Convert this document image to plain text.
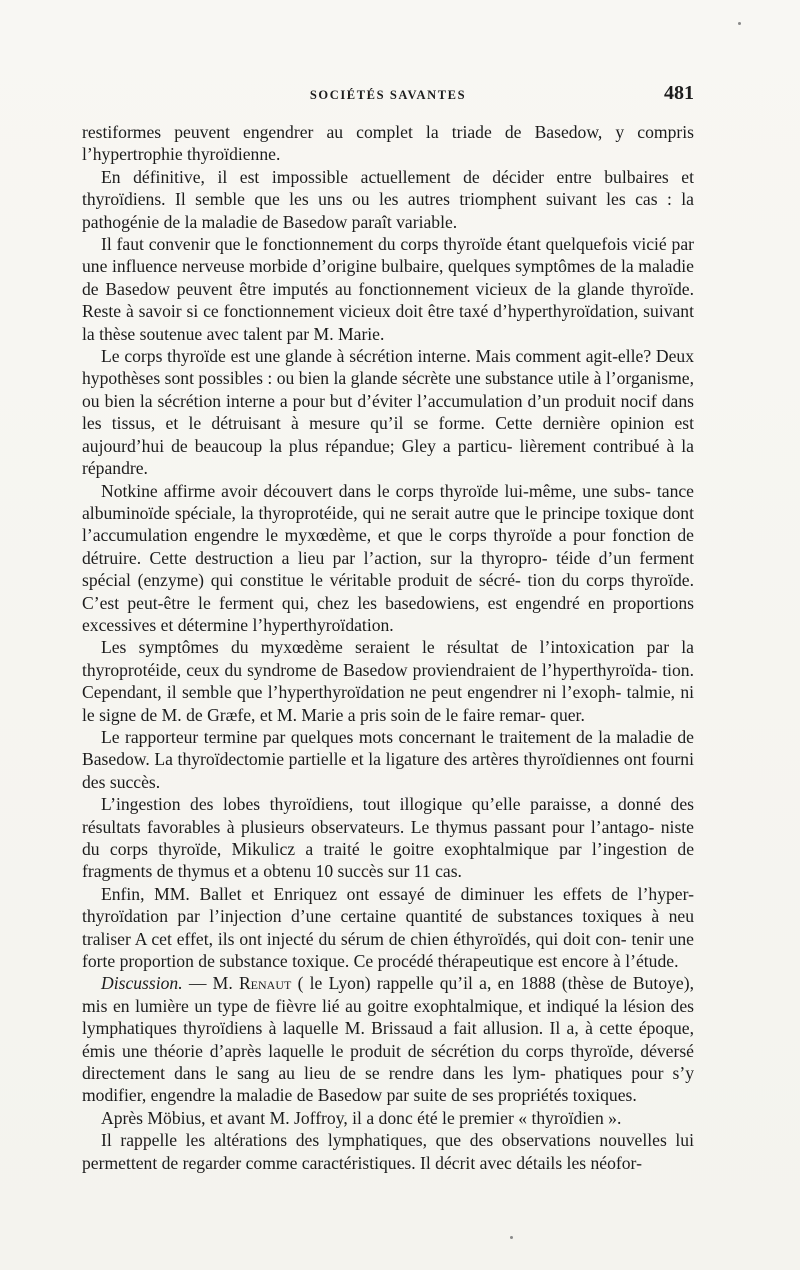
SOCIÉTÉS SAVANTES	481

restiformes peuvent engendrer au complet la triade de Basedow, y compris l’hypertrophie thyroïdienne.

En définitive, il est impossible actuellement de décider entre bulbaires et thyroïdiens. Il semble que les uns ou les autres triomphent suivant les cas : la pathogénie de la maladie de Basedow paraît variable.

Il faut convenir que le fonctionnement du corps thyroïde étant quelquefois vicié par une influence nerveuse morbide d’origine bulbaire, quelques symptômes de la maladie de Basedow peuvent être imputés au fonctionnement vicieux de la glande thyroïde. Reste à savoir si ce fonctionnement vicieux doit être taxé d’hyperthyroïdation, suivant la thèse soutenue avec talent par M. Marie.

Le corps thyroïde est une glande à sécrétion interne. Mais comment agit-elle? Deux hypothèses sont possibles : ou bien la glande sécrète une substance utile à l’organisme, ou bien la sécrétion interne a pour but d’éviter l’accumulation d’un produit nocif dans les tissus, et le détruisant à mesure qu’il se forme. Cette dernière opinion est aujourd’hui de beaucoup la plus répandue; Gley a particu- lièrement contribué à la répandre.

Notkine affirme avoir découvert dans le corps thyroïde lui-même, une subs- tance albuminoïde spéciale, la thyroprotéide, qui ne serait autre que le principe toxique dont l’accumulation engendre le myxœdème, et que le corps thyroïde a pour fonction de détruire. Cette destruction a lieu par l’action, sur la thyropro- téide d’un ferment spécial (enzyme) qui constitue le véritable produit de sécré- tion du corps thyroïde. C’est peut-être le ferment qui, chez les basedowiens, est engendré en proportions excessives et détermine l’hyperthyroïdation.

Les symptômes du myxœdème seraient le résultat de l’intoxication par la thyroprotéide, ceux du syndrome de Basedow proviendraient de l’hyperthyroïda- tion. Cependant, il semble que l’hyperthyroïdation ne peut engendrer ni l’exoph- talmie, ni le signe de M. de Græfe, et M. Marie a pris soin de le faire remar- quer.

Le rapporteur termine par quelques mots concernant le traitement de la maladie de Basedow. La thyroïdectomie partielle et la ligature des artères thyroïdiennes ont fourni des succès.

L’ingestion des lobes thyroïdiens, tout illogique qu’elle paraisse, a donné des résultats favorables à plusieurs observateurs. Le thymus passant pour l’antago- niste du corps thyroïde, Mikulicz a traité le goitre exophtalmique par l’ingestion de fragments de thymus et a obtenu 10 succès sur 11 cas.

Enfin, MM. Ballet et Enriquez ont essayé de diminuer les effets de l’hyper- thyroïdation par l’injection d’une certaine quantité de substances toxiques à neu traliser A cet effet, ils ont injecté du sérum de chien éthyroïdés, qui doit con- tenir une forte proportion de substance toxique. Ce procédé thérapeutique est encore à l’étude.

Discussion. — M. Renaut ( le Lyon) rappelle qu’il a, en 1888 (thèse de Butoye), mis en lumière un type de fièvre lié au goitre exophtalmique, et indiqué la lésion des lymphatiques thyroïdiens à laquelle M. Brissaud a fait allusion. Il a, à cette époque, émis une théorie d’après laquelle le produit de sécrétion du corps thyroïde, déversé directement dans le sang au lieu de se rendre dans les lym- phatiques pour s’y modifier, engendre la maladie de Basedow par suite de ses propriétés toxiques.

Après Möbius, et avant M. Joffroy, il a donc été le premier « thyroïdien ».

Il rappelle les altérations des lymphatiques, que des observations nouvelles lui permettent de regarder comme caractéristiques. Il décrit avec détails les néofor-
